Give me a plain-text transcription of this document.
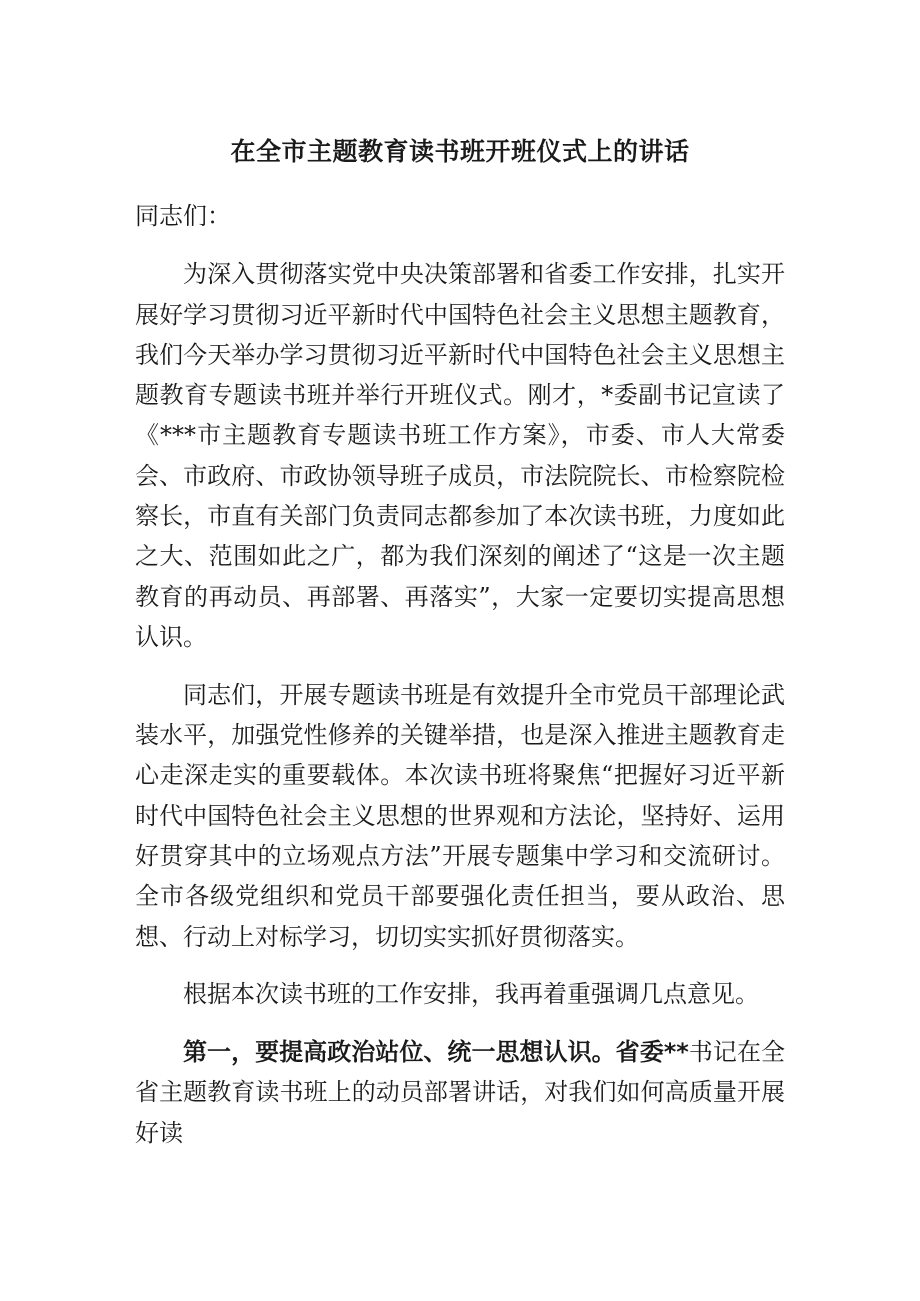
在全市主题教育读书班开班仪式上的讲话

同志们：

为深入贯彻落实党中央决策部署和省委工作安排，扎实开展好学习贯彻习近平新时代中国特色社会主义思想主题教育，我们今天举办学习贯彻习近平新时代中国特色社会主义思想主题教育专题读书班并举行开班仪式。刚才，*委副书记宣读了《***市主题教育专题读书班工作方案》，市委、市人大常委会、市政府、市政协领导班子成员，市法院院长、市检察院检察长，市直有关部门负责同志都参加了本次读书班，力度如此之大、范围如此之广，都为我们深刻的阐述了“这是一次主题教育的再动员、再部署、再落实”，大家一定要切实提高思想认识。

同志们，开展专题读书班是有效提升全市党员干部理论武装水平，加强党性修养的关键举措，也是深入推进主题教育走心走深走实的重要载体。本次读书班将聚焦“把握好习近平新时代中国特色社会主义思想的世界观和方法论，坚持好、运用好贯穿其中的立场观点方法”开展专题集中学习和交流研讨。全市各级党组织和党员干部要强化责任担当，要从政治、思想、行动上对标学习，切切实实抓好贯彻落实。

根据本次读书班的工作安排，我再着重强调几点意见。

第一，要提高政治站位、统一思想认识。省委**书记在全省主题教育读书班上的动员部署讲话，对我们如何高质量开展好读
